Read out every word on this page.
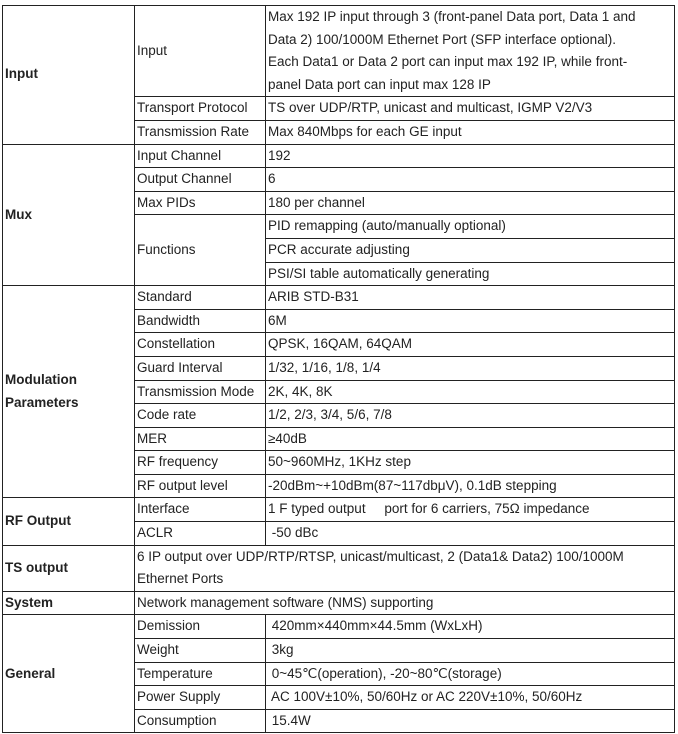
Input	Input	Max 192 IP input through 3 (front-panel Data port, Data 1 and
Data 2) 100/1000M Ethernet Port (SFP interface optional).
Each Data1 or Data 2 port can input max 192 IP, while front-
panel Data port can input max 128 IP

	Transport Protocol	TS over UDP/RTP, unicast and multicast, IGMP V2/V3
	Transmission Rate	Max 840Mbps for each GE input
Mux	Input Channel	192
	Output Channel	6
	Max PIDs	180 per channel
	Functions	PID remapping (auto/manually optional)
		PCR accurate adjusting
		PSI/SI table automatically generating

Modulation
Parameters	Standard	ARIB STD-B31
	Bandwidth	6M
	Constellation	QPSK, 16QAM, 64QAM
	Guard Interval	1/32, 1/16, 1/8, 1/4
	Transmission Mode	2K, 4K, 8K
	Code rate	1/2, 2/3, 3/4, 5/6, 7/8
	MER	≥40dB
	RF frequency	50~960MHz, 1KHz step
	RF output level	-20dBm~+10dBm(87~117dbμV), 0.1dB stepping
RF Output	Interface	1 F typed output     port for 6 carriers, 75Ω impedance
	ACLR	-50 dBc
TS output	6 IP output over UDP/RTP/RTSP, unicast/multicast, 2 (Data1& Data2) 100/1000M Ethernet Ports	
System	Network management software (NMS) supporting	
General	Demission	420mm×440mm×44.5mm (WxLxH)
	Weight	3kg
	Temperature	0~45℃(operation), -20~80℃(storage)
	Power Supply	AC 100V±10%, 50/60Hz or AC 220V±10%, 50/60Hz
	Consumption	15.4W
